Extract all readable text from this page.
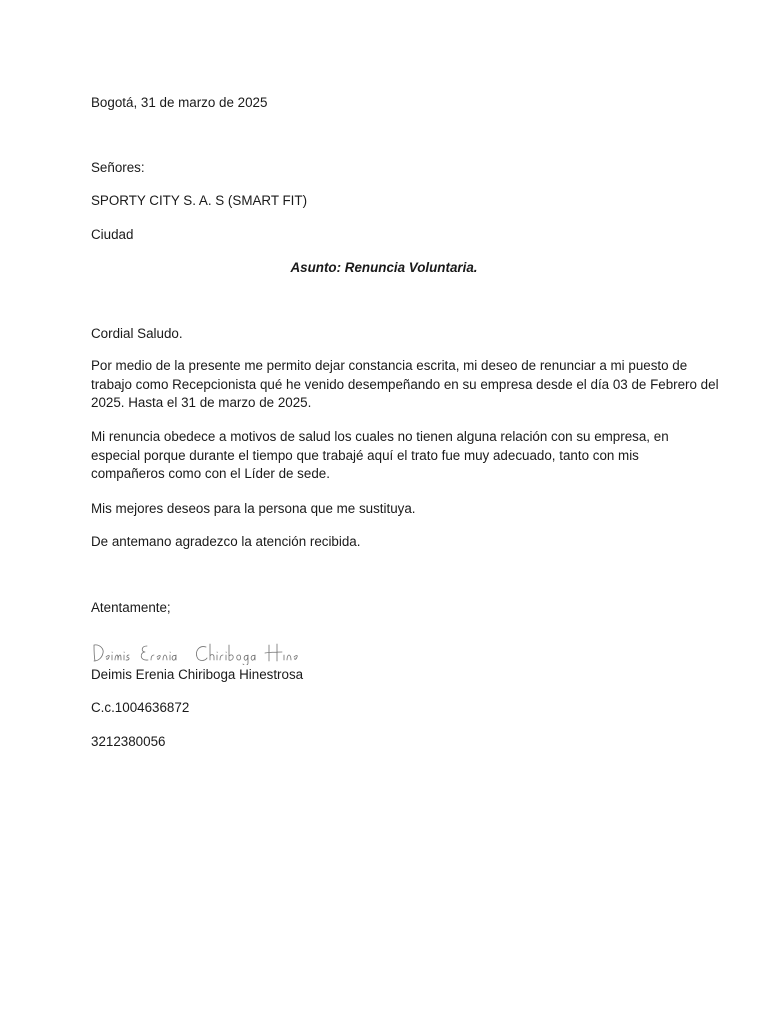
Bogotá, 31 de marzo de 2025
Señores:
SPORTY CITY S. A. S (SMART FIT)
Ciudad
Asunto: Renuncia Voluntaria.
Cordial Saludo.
Por medio de la presente me permito dejar constancia escrita, mi deseo de renunciar a mi puesto de
trabajo como Recepcionista qué he venido desempeñando en su empresa desde el día 03 de Febrero del
2025. Hasta el 31 de marzo de 2025.
Mi renuncia obedece a motivos de salud los cuales no tienen alguna relación con su empresa, en
especial porque durante el tiempo que trabajé aquí el trato fue muy adecuado, tanto con mis
compañeros como con el Líder de sede.
Mis mejores deseos para la persona que me sustituya.
De antemano agradezco la atención recibida.
Atentamente;
Deimis Erenia Chiriboga Hinestrosa
C.c.1004636872
3212380056
